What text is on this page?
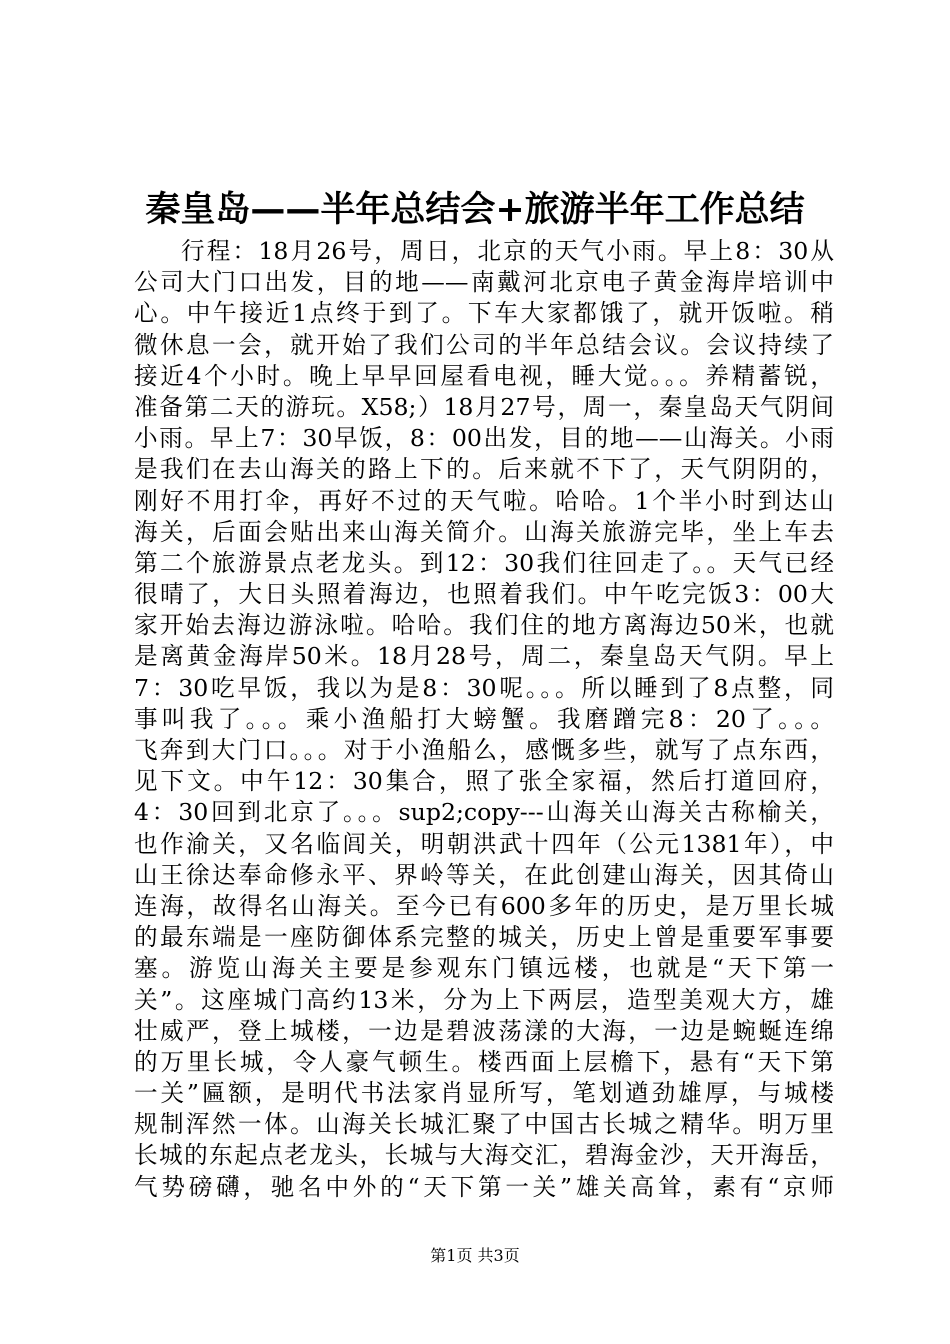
秦皇岛——半年总结会+旅游半年工作总结
行程：18月26号，周日，北京的天气小雨。早上8：30从
公司大门口出发，目的地——南戴河北京电子黄金海岸培训中
心。中午接近1点终于到了。下车大家都饿了，就开饭啦。稍
微休息一会，就开始了我们公司的半年总结会议。会议持续了
接近4个小时。晚上早早回屋看电视，睡大觉。。。养精蓄锐，
准备第二天的游玩。X58;）18月27号，周一，秦皇岛天气阴间
小雨。早上7：30早饭，8：00出发，目的地——山海关。小雨
是我们在去山海关的路上下的。后来就不下了，天气阴阴的，
刚好不用打伞，再好不过的天气啦。哈哈。1个半小时到达山
海关，后面会贴出来山海关简介。山海关旅游完毕，坐上车去
第二个旅游景点老龙头。到12：30我们往回走了。。天气已经
很晴了，大日头照着海边，也照着我们。中午吃完饭3：00大
家开始去海边游泳啦。哈哈。我们住的地方离海边50米，也就
是离黄金海岸50米。18月28号，周二，秦皇岛天气阴。早上
7：30吃早饭，我以为是8：30呢。。。所以睡到了8点整，同
事叫我了。。。乘小渔船打大螃蟹。我磨蹭完8：20了。。。
飞奔到大门口。。。对于小渔船么，感慨多些，就写了点东西，
见下文。中午12：30集合，照了张全家福，然后打道回府，
4：30回到北京了。。。sup2;copy---山海关山海关古称榆关，
也作渝关，又名临闾关，明朝洪武十四年（公元1381年），中
山王徐达奉命修永平、界岭等关，在此创建山海关，因其倚山
连海，故得名山海关。至今已有600多年的历史，是万里长城
的最东端是一座防御体系完整的城关，历史上曾是重要军事要
塞。游览山海关主要是参观东门镇远楼，也就是“天下第一
关”。这座城门高约13米，分为上下两层，造型美观大方，雄
壮威严，登上城楼，一边是碧波荡漾的大海，一边是蜿蜒连绵
的万里长城，令人豪气顿生。楼西面上层檐下，悬有“天下第
一关”匾额，是明代书法家肖显所写，笔划遒劲雄厚，与城楼
规制浑然一体。山海关长城汇聚了中国古长城之精华。明万里
长城的东起点老龙头，长城与大海交汇，碧海金沙，天开海岳，
气势磅礴，驰名中外的“天下第一关”雄关高耸，素有“京师
第1页 共3页
